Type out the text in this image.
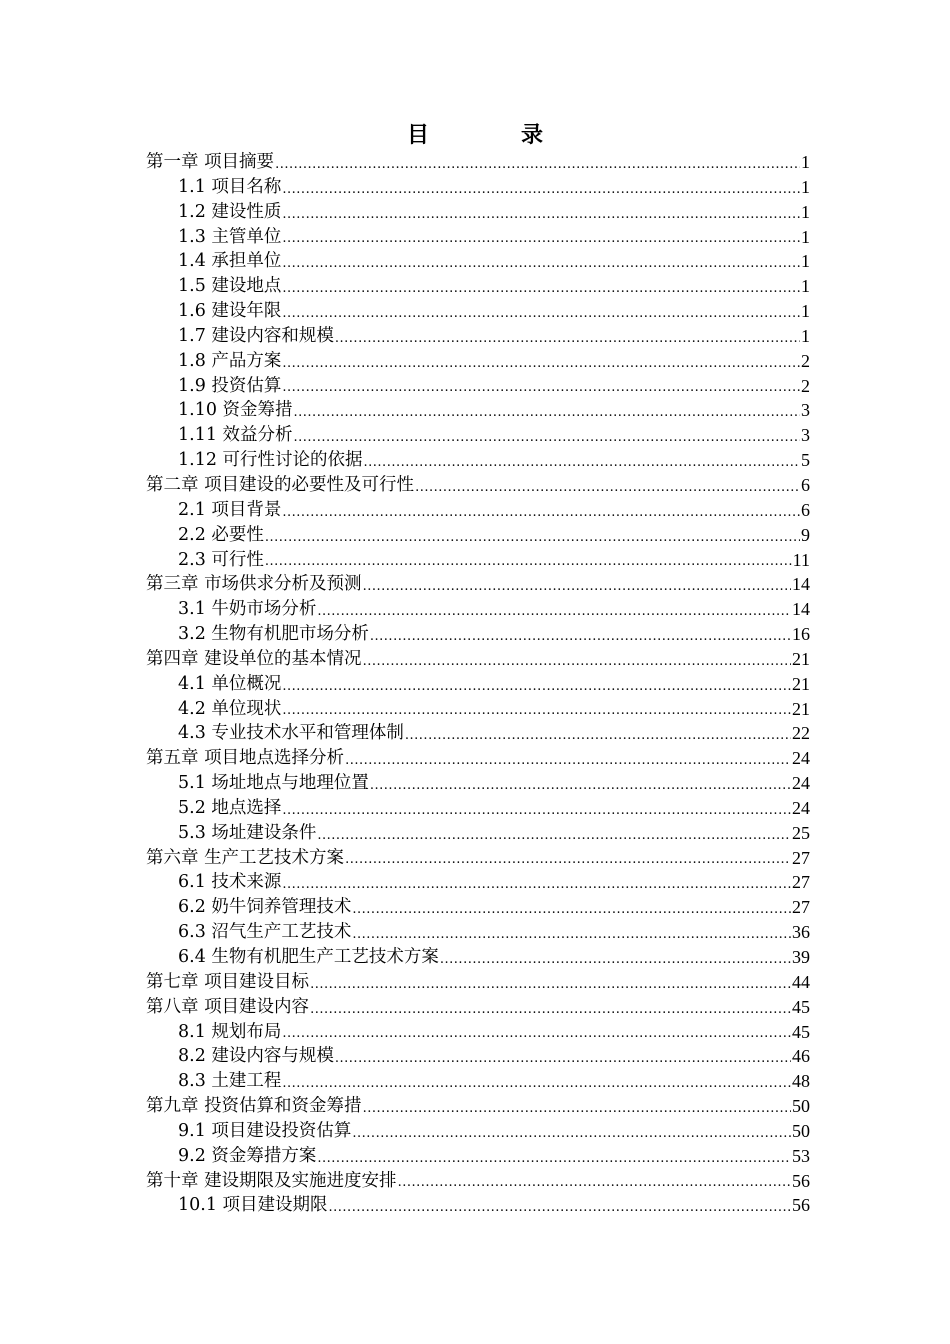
目	录
第一章 项目摘要 .....	1
1.1 项目名称 .....	1
1.2 建设性质 .....	1
1.3 主管单位 .....	1
1.4 承担单位 .....	1
1.5 建设地点 .....	1
1.6 建设年限 .....	1
1.7 建设内容和规模 .....	1
1.8 产品方案 .....	2
1.9 投资估算 .....	2
1.10 资金筹措 .....	3
1.11 效益分析 .....	3
1.12 可行性讨论的依据 .....	5
第二章 项目建设的必要性及可行性 .....	6
2.1 项目背景 .....	6
2.2 必要性 .....	9
2.3 可行性 .....	11
第三章 市场供求分析及预测 .....	14
3.1 牛奶市场分析 .....	14
3.2 生物有机肥市场分析 .....	16
第四章 建设单位的基本情况 .....	21
4.1 单位概况 .....	21
4.2 单位现状 .....	21
4.3 专业技术水平和管理体制 .....	22
第五章 项目地点选择分析 .....	24
5.1 场址地点与地理位置 .....	24
5.2 地点选择 .....	24
5.3 场址建设条件 .....	25
第六章 生产工艺技术方案 .....	27
6.1 技术来源 .....	27
6.2 奶牛饲养管理技术 .....	27
6.3 沼气生产工艺技术 .....	36
6.4 生物有机肥生产工艺技术方案 .....	39
第七章 项目建设目标 .....	44
第八章 项目建设内容 .....	45
8.1 规划布局 .....	45
8.2 建设内容与规模 .....	46
8.3 土建工程 .....	48
第九章 投资估算和资金筹措 .....	50
9.1 项目建设投资估算 .....	50
9.2 资金筹措方案 .....	53
第十章 建设期限及实施进度安排 .....	56
10.1 项目建设期限 .....	56
